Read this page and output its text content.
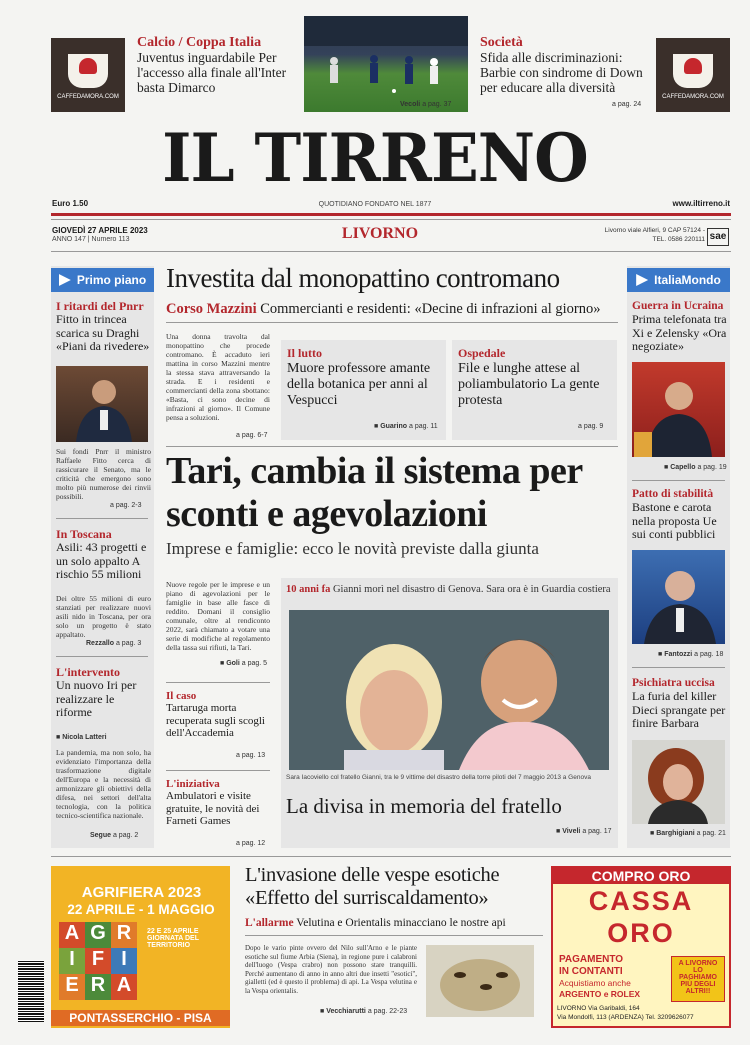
CAFFEDAMORA.COM
Calcio / Coppa Italia
Juventus inguardabile Per l'accesso alla finale all'Inter basta Dimarco
Vecoli a pag. 37
Società
Sfida alle discriminazioni: Barbie con sindrome di Down per educare alla diversità
a pag. 24
CAFFEDAMORA.COM
IL TIRRENO
Euro 1.50	QUOTIDIANO FONDATO NEL 1877	www.iltirreno.it
GIOVEDÌ 27 APRILE 2023
ANNO 147 | Numero 113	LIVORNO	Livorno viale Alfieri, 9 CAP 57124 - TEL. 0586 220111 sae
Primo piano
I ritardi del Pnrr
Fitto in trincea scarica su Draghi «Piani da rivedere»
Sui fondi Pnrr il ministro Raffaele Fitto cerca di rassicurare il Senato, ma le criticità che emergono sono molto più numerose dei rinvii possibili.
a pag. 2-3
In Toscana
Asili: 43 progetti e un solo appalto A rischio 55 milioni
Dei oltre 55 milioni di euro stanziati per realizzare nuovi asili nido in Toscana, per ora solo un progetto è stato appaltato.
Rezzallo a pag. 3
L'intervento
Un nuovo Iri per realizzare le riforme
■ Nicola Latteri
La pandemia, ma non solo, ha evidenziato l'importanza della trasformazione digitale dell'Europa e la necessità di armonizzare gli obiettivi della difesa, nei settori dell'alta tecnologia, con la politica tecnico-scientifica nazionale.
Segue a pag. 2
Investita dal monopattino contromano
Corso Mazzini Commercianti e residenti: «Decine di infrazioni al giorno»
Una donna travolta dal monopattino che procede contromano. È accaduto ieri mattina in corso Mazzini mentre la stessa stava attraversando la strada. E i residenti e commercianti della zona sbottano: «Basta, ci sono decine di infrazioni al giorno». Il Comune pensa a soluzioni.
a pag. 6-7
Il lutto
Muore professore amante della botanica per anni al Vespucci
■ Guarino a pag. 11
Ospedale
File e lunghe attese al poliambulatorio La gente protesta
a pag. 9
Tari, cambia il sistema per sconti e agevolazioni
Imprese e famiglie: ecco le novità previste dalla giunta
Nuove regole per le imprese e un piano di agevolazioni per le famiglie in base alle fasce di reddito. Domani il consiglio comunale, oltre al rendiconto 2022, sarà chiamato a votare una serie di modifiche al regolamento della tassa sui rifiuti, la Tari.
■ Goli a pag. 5
Il caso
Tartaruga morta recuperata sugli scogli dell'Accademia
a pag. 13
L'iniziativa
Ambulatori e visite gratuite, le novità dei Farneti Games
a pag. 12
10 anni fa Gianni morì nel disastro di Genova. Sara ora è in Guardia costiera
Sara Iacoviello col fratello Gianni, tra le 9 vittime del disastro della torre piloti del 7 maggio 2013 a Genova
La divisa in memoria del fratello
■ Viveli a pag. 17
ItaliaMondo
Guerra in Ucraina
Prima telefonata tra Xi e Zelensky «Ora negoziate»
■ Capello a pag. 19
Patto di stabilità
Bastone e carota nella proposta Ue sui conti pubblici
■ Fantozzi a pag. 18
Psichiatra uccisa
La furia del killer Dieci sprangate per finire Barbara
■ Barghigiani a pag. 21
AGRIFIERA 2023
22 APRILE - 1 MAGGIO
A G R
I F I
E R A
22 E 25 APRILE GIORNATA DEL TERRITORIO
PONTASSERCHIO - PISA
L'invasione delle vespe esotiche «Effetto del surriscaldamento»
L'allarme Velutina e Orientalis minacciano le nostre api
Dopo le vario pinte ovvero del Nilo sull'Arno e le piante esotiche sul fiume Arbia (Siena), in regione pure i calabroni dell'luogo (Vespa crabro) non possono stare tranquilli. Perché aumentano di anno in anno altri due insetti "esotici", gialletti (ed è questo il problema) di api. La Vespa velutina e la Vespa orientalis.
■ Vecchiarutti a pag. 22-23
COMPRO ORO
CASSA
ORO
PAGAMENTO
IN CONTANTI
Acquistiamo anche
ARGENTO e ROLEX
A LIVORNO LO PAGHIAMO PIÙ DEGLI ALTRI!!
LIVORNO Via Garibaldi, 164
Via Mondolfi, 113 (ARDENZA) Tel. 3209626077
